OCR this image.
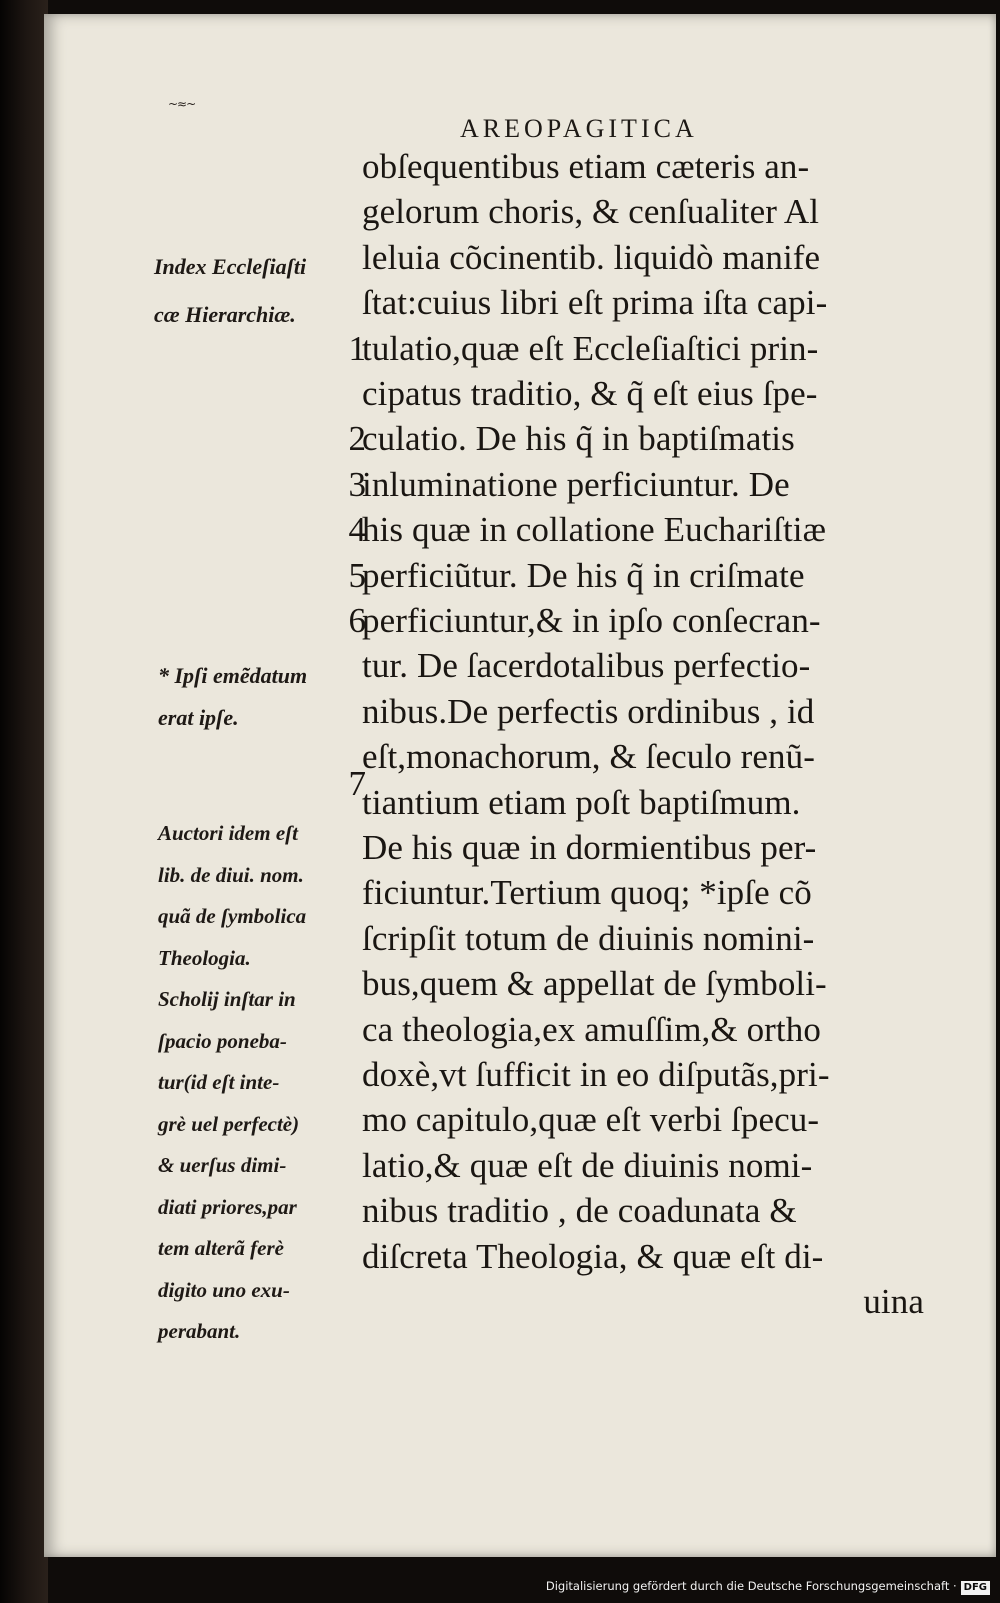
~≈~
AREOPAGITICA
obſequentibus etiam cæteris an-
gelorum choris, & cenſualiter Al
leluia cõcinentib. liquidò manife
ſtat:cuius libri eſt prima iſta capi-
tulatio,quæ eſt Eccleſiaſtici prin-
cipatus traditio, & q̃ eſt eius ſpe-
culatio. De his q̃ in baptiſmatis
inluminatione perficiuntur. De
his quæ in collatione Euchariſtiæ
perficiũtur. De his q̃ in criſmate
perficiuntur,& in ipſo conſecran-
tur. De ſacerdotalibus perfectio-
nibus.De perfectis ordinibus , id
eſt,monachorum, & ſeculo renũ-
tiantium etiam poſt baptiſmum.
De his quæ in dormientibus per-
ficiuntur.Tertium quoq; *ipſe cõ
ſcripſit totum de diuinis nomini-
bus,quem & appellat de ſymboli-
ca theologia,ex amuſſim,& ortho
doxè,vt ſufficit in eo diſputãs,pri-
mo capitulo,quæ eſt verbi ſpecu-
latio,& quæ eſt de diuinis nomi-
nibus traditio , de coadunata &
diſcreta Theologia, & quæ eſt di-
uina
1
2
3
4
5
6
7
Index Eccleſiaſti
cæ Hierarchiæ.
* Ipſi emẽdatum
erat ipſe.
Auctori idem eſt
lib. de diui. nom.
quã de ſymbolica
Theologia.
Scholij inſtar in
ſpacio poneba-
tur(id eſt inte-
grè uel perfectè)
& uerſus dimi-
diati priores,par
tem alterã ferè
digito uno exu-
perabant.
Digitalisierung gefördert durch die Deutsche Forschungsgemeinschaft · DFG
